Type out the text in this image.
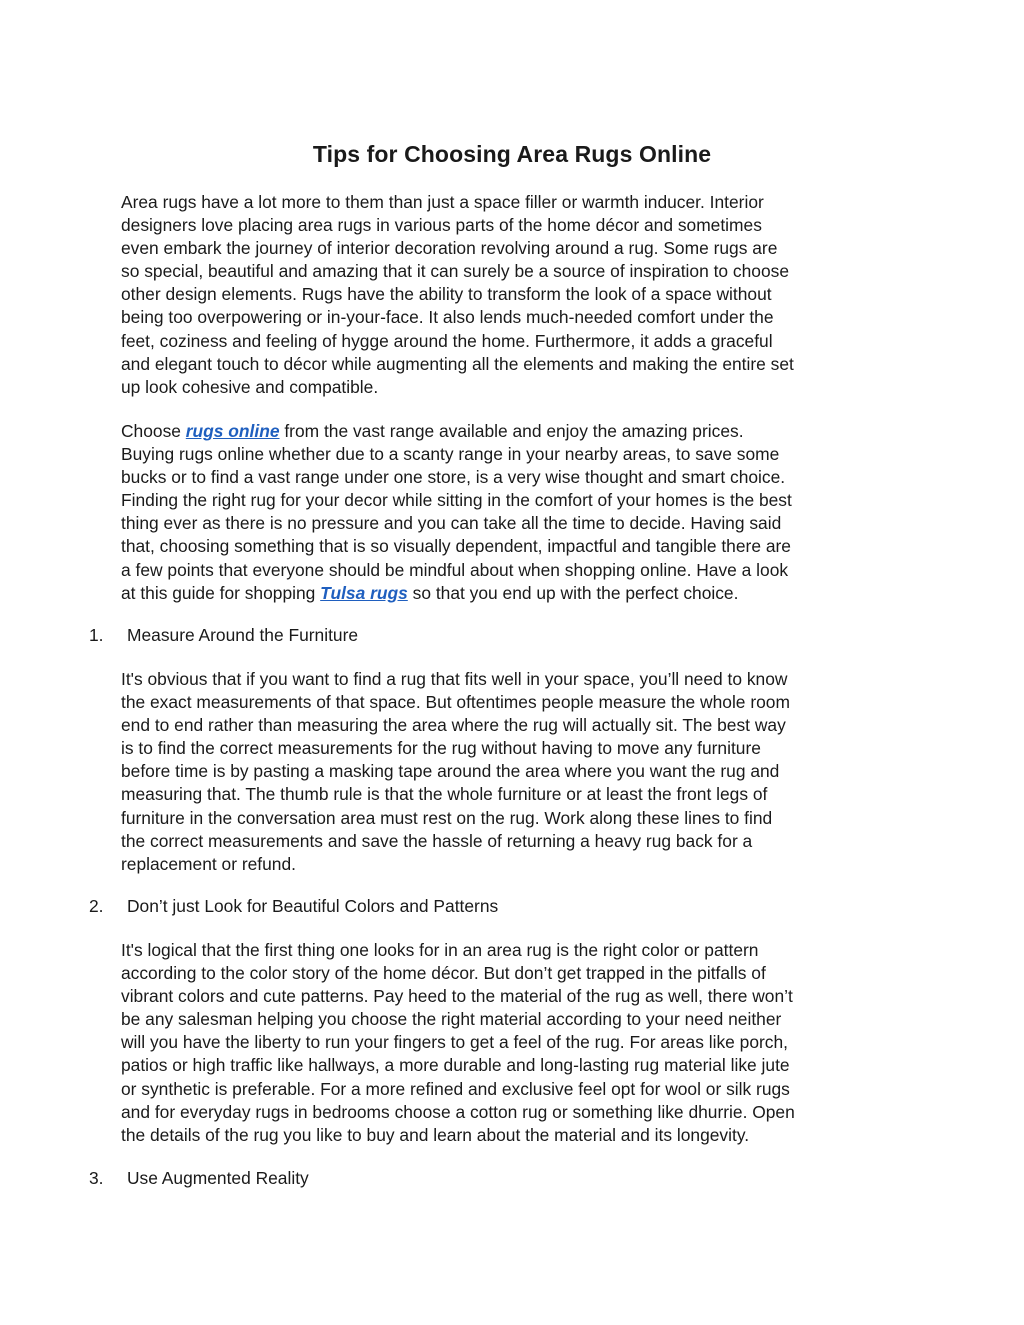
Tips for Choosing Area Rugs Online
Area rugs have a lot more to them than just a space filler or warmth inducer. Interior
designers love placing area rugs in various parts of the home décor and sometimes
even embark the journey of interior decoration revolving around a rug. Some rugs are
so special, beautiful and amazing that it can surely be a source of inspiration to choose
other design elements. Rugs have the ability to transform the look of a space without
being too overpowering or in-your-face. It also lends much-needed comfort under the
feet, coziness and feeling of hygge around the home. Furthermore, it adds a graceful
and elegant touch to décor while augmenting all the elements and making the entire set
up look cohesive and compatible.
Choose rugs online from the vast range available and enjoy the amazing prices.
Buying rugs online whether due to a scanty range in your nearby areas, to save some
bucks or to find a vast range under one store, is a very wise thought and smart choice.
Finding the right rug for your decor while sitting in the comfort of your homes is the best
thing ever as there is no pressure and you can take all the time to decide. Having said
that, choosing something that is so visually dependent, impactful and tangible there are
a few points that everyone should be mindful about when shopping online. Have a look
at this guide for shopping Tulsa rugs so that you end up with the perfect choice.
1. Measure Around the Furniture
It's obvious that if you want to find a rug that fits well in your space, you’ll need to know
the exact measurements of that space. But oftentimes people measure the whole room
end to end rather than measuring the area where the rug will actually sit. The best way
is to find the correct measurements for the rug without having to move any furniture
before time is by pasting a masking tape around the area where you want the rug and
measuring that. The thumb rule is that the whole furniture or at least the front legs of
furniture in the conversation area must rest on the rug. Work along these lines to find
the correct measurements and save the hassle of returning a heavy rug back for a
replacement or refund.
2. Don’t just Look for Beautiful Colors and Patterns
It's logical that the first thing one looks for in an area rug is the right color or pattern
according to the color story of the home décor. But don’t get trapped in the pitfalls of
vibrant colors and cute patterns. Pay heed to the material of the rug as well, there won’t
be any salesman helping you choose the right material according to your need neither
will you have the liberty to run your fingers to get a feel of the rug. For areas like porch,
patios or high traffic like hallways, a more durable and long-lasting rug material like jute
or synthetic is preferable. For a more refined and exclusive feel opt for wool or silk rugs
and for everyday rugs in bedrooms choose a cotton rug or something like dhurrie. Open
the details of the rug you like to buy and learn about the material and its longevity.
3. Use Augmented Reality
